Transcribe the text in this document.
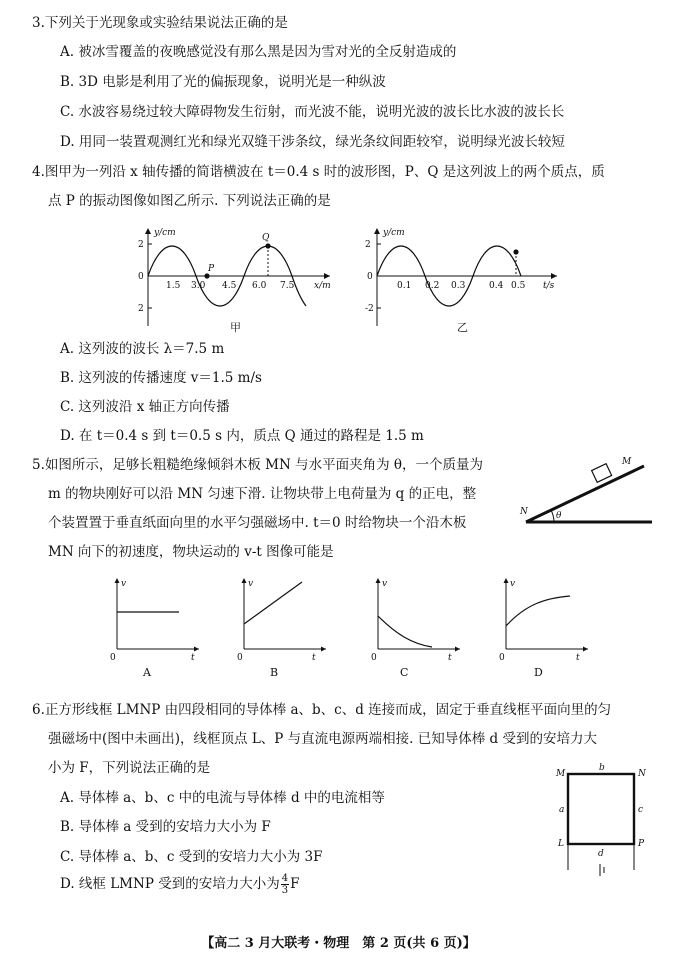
3.下列关于光现象或实验结果说法正确的是
A. 被冰雪覆盖的夜晚感觉没有那么黑是因为雪对光的全反射造成的
B. 3D 电影是利用了光的偏振现象，说明光是一种纵波
C. 水波容易绕过较大障碍物发生衍射，而光波不能，说明光波的波长比水波的波长长
D. 用同一装置观测红光和绿光双缝干涉条纹，绿光条纹间距较窄，说明绿光波长较短
4.图甲为一列沿 x 轴传播的简谐横波在 t＝0.4 s 时的波形图，P、Q 是这列波上的两个质点，质
点 P 的振动图像如图乙所示. 下列说法正确的是
y/cm
x/m
2
2
0
1.5 3.0 4.5 6.0 7.5
P
Q
甲
y/cm
t/s
2
-2
0
0.1 0.2 0.3	0.4 0.5
乙
A. 这列波的波长 λ＝7.5 m
B. 这列波的传播速度 v＝1.5 m/s
C. 这列波沿 x 轴正方向传播
D. 在 t＝0.4 s 到 t＝0.5 s 内，质点 Q 通过的路程是 1.5 m
5.如图所示，足够长粗糙绝缘倾斜木板 MN 与水平面夹角为 θ，一个质量为
m 的物块刚好可以沿 MN 匀速下滑. 让物块带上电荷量为 q 的正电，整
个装置置于垂直纸面向里的水平匀强磁场中. t＝0 时给物块一个沿木板
MN 向下的初速度，物块运动的 v-t 图像可能是
N
M
θ
v
t
0
A
v
t
0
B
v
t
0
C
v
t
0
D
6.正方形线框 LMNP 由四段相同的导体棒 a、b、c、d 连接而成，固定于垂直线框平面向里的匀
强磁场中(图中未画出)，线框顶点 L、P 与直流电源两端相接. 已知导体棒 d 受到的安培力大
小为 F，下列说法正确的是
A. 导体棒 a、b、c 中的电流与导体棒 d 中的电流相等
B. 导体棒 a 受到的安培力大小为 F
C. 导体棒 a、b、c 受到的安培力大小为 3F
D. 线框 LMNP 受到的安培力大小为 $\frac{4}{3}$ F
M	N
L	P
b
a	c
d
【高二 3 月大联考・物理　第 2 页(共 6 页)】
